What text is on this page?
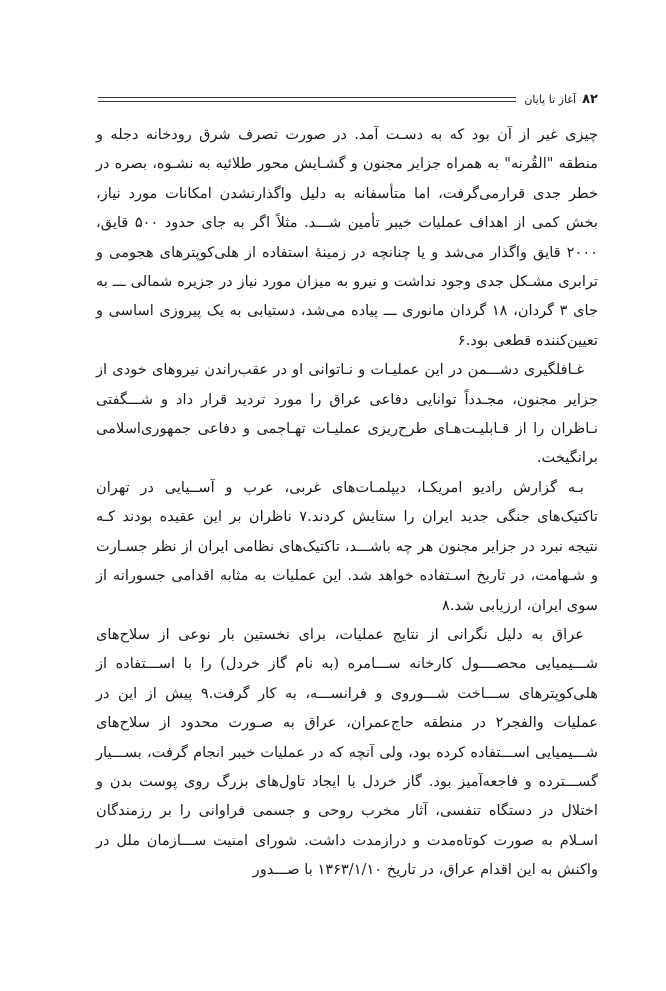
۸۲
آغاز تا پایان

چیزی غیر از آن بود که به دسـت آمد. در صورت تصرف شرق رودخانه دجله و منطقه "القُرنه" به همراه جزایر مجنون و گشـایش محور طلائیه به نشـوه، بصره در خطر جدی قرارمی‌گرفت، اما متأسفانه به دلیل واگذارنشدن امکانات مورد نیاز، بخش کمی از اهداف عملیات خیبر تأمین شـــد. مثلاً اگر به جای حدود ۵۰۰ قایق، ۲۰۰۰ قایق واگذار می‌شد و یا چنانچه در زمینهٔ استفاده از هلی‌کوپترهای هجومی و ترابری مشـکل جدی وجود نداشت و نیرو به میزان مورد نیاز در جزیره شمالی ـــ به جای ۳ گردان، ۱۸ گردان مانوری ـــ پیاده می‌شد، دستیابی به یک پیروزی اساسی و تعیین‌کننده قطعی بود.۶

غـافلگیری دشـــمن در این عملیـات و نـاتوانی او در عقب‌راندن نیروهای خودی از جزایر مجنون، مجـدداً توانایی دفاعی عراق را مورد تردید قرار داد و شـــگفتی نـاظران را از قـابلیـت‌هـای طرح‌ریزی عملیـات تهـاجمی و دفاعی جمهوری‌اسلامی برانگیخت.

بـه گزارش رادیو امریکـا، دیپلمـات‌های غربی، عرب و آســیایی در تهران تاکتیک‌های جنگی جدید ایران را ستایش کردند.۷ ناظران بر این عقیده بودند کـه نتیجه نبرد در جزایر مجنون هر چه باشـــد، تاکتیک‌های نظامی ایران از نظر جسـارت و شـهامت، در تاریخ اسـتفاده خواهد شد. این عملیات به مثابه اقدامی جسورانه از سوی ایران، ارزیابی شد.۸

عراق به دلیل نگرانی از نتایج عملیات، برای نخستین بار نوعی از سلاح‌های شـــیمیایی محصــــول کارخانه ســـامره (به نام گاز خردل) را با اســـتفاده از هلی‌کوپترهای ســـاخت شـــوروی و فرانســـه، به کار گرفت.۹ پیش از این در عملیات والفجر۲ در منطقه حاج‌عمران، عراق به صـورت محدود از سلاح‌های شـــیمیایی اســـتفاده کرده بود، ولی آنچه که در عملیات خیبر انجام گرفت، بســـیار گســـترده و فاجعه‌آمیز بود. گاز خردل با ایجاد تاول‌های بزرگ روی پوست بدن و اختلال در دستگاه تنفسی، آثار مخرب روحی و جسمی فراوانی را بر رزمندگان اسـلام به صورت کوتاه‌مدت و درازمدت داشت. شورای امنیت ســـازمان ملل در واکنش به این اقدام عراق، در تاریخ ۱۳۶۳/۱/۱۰ با صـــدور
